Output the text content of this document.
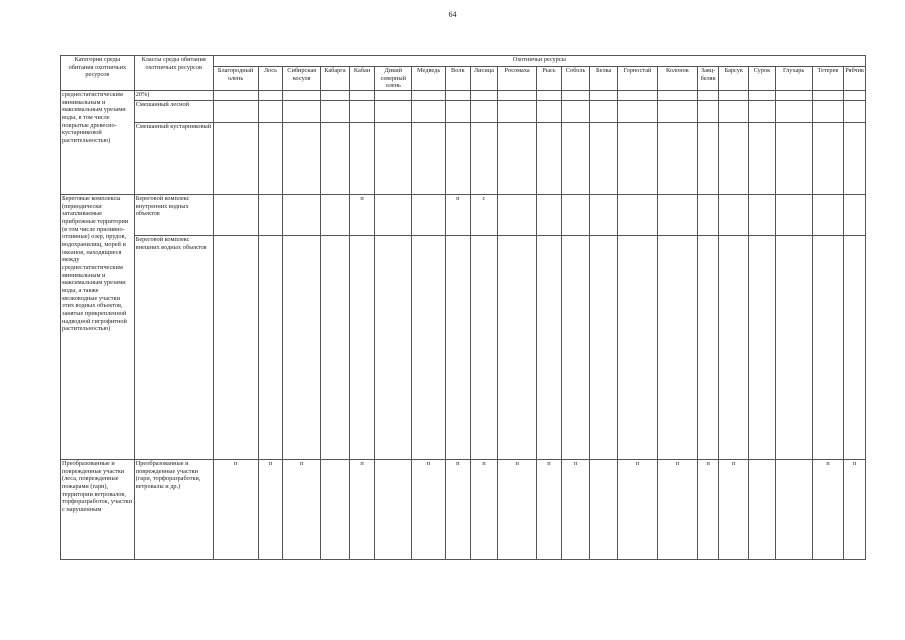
64
Категории среды обитания охотничьих ресурсов	Классы среды обитания охотничьих ресурсов	Охотничьи ресурсы																				
		Благородный олень	Лось	Сибирская косуля	Кабарга	Кабан	Дикий северный олень	Медведь	Волк	Лисица	Росомаха	Рысь	Соболь	Белка	Горностай	Колонок	Заяц-беляк	Барсук	Сурок	Глухарь	Тетерев	Рябчик
среднестатистическим минимальным и максимальным урезами воды, в том числе покрытые древесно-кустарниковой растительностью)	20%)																					
	Смешанный лесной																					
	Смешанный кустарниковый																					
Береговые комплексы (периодически затапливаемые прибрежные территории (в том числе приливно-отливные) озер, прудов, водохранилищ, морей и океанов, находящиеся между среднестатистическим минимальным и максимальным урезами воды, а также мелководные участки этих водных объектов, занятые прикрепленной надводной гигрофитной растительностью)	Береговой комплекс внутренних водных объектов					п			п	с												
	Береговой комплекс внешних водных объектов																					
Преобразованные и поврежденные участки (леса, поврежденные пожарами (гари), территории ветровалов, торфоразработок, участки с нарушенным	Преобразованные и поврежденные участки (гари, торфоразработки, ветровалы и др.)	п	п	п		п		п	п	п	п	п	п		п	п	п	п			п	п
